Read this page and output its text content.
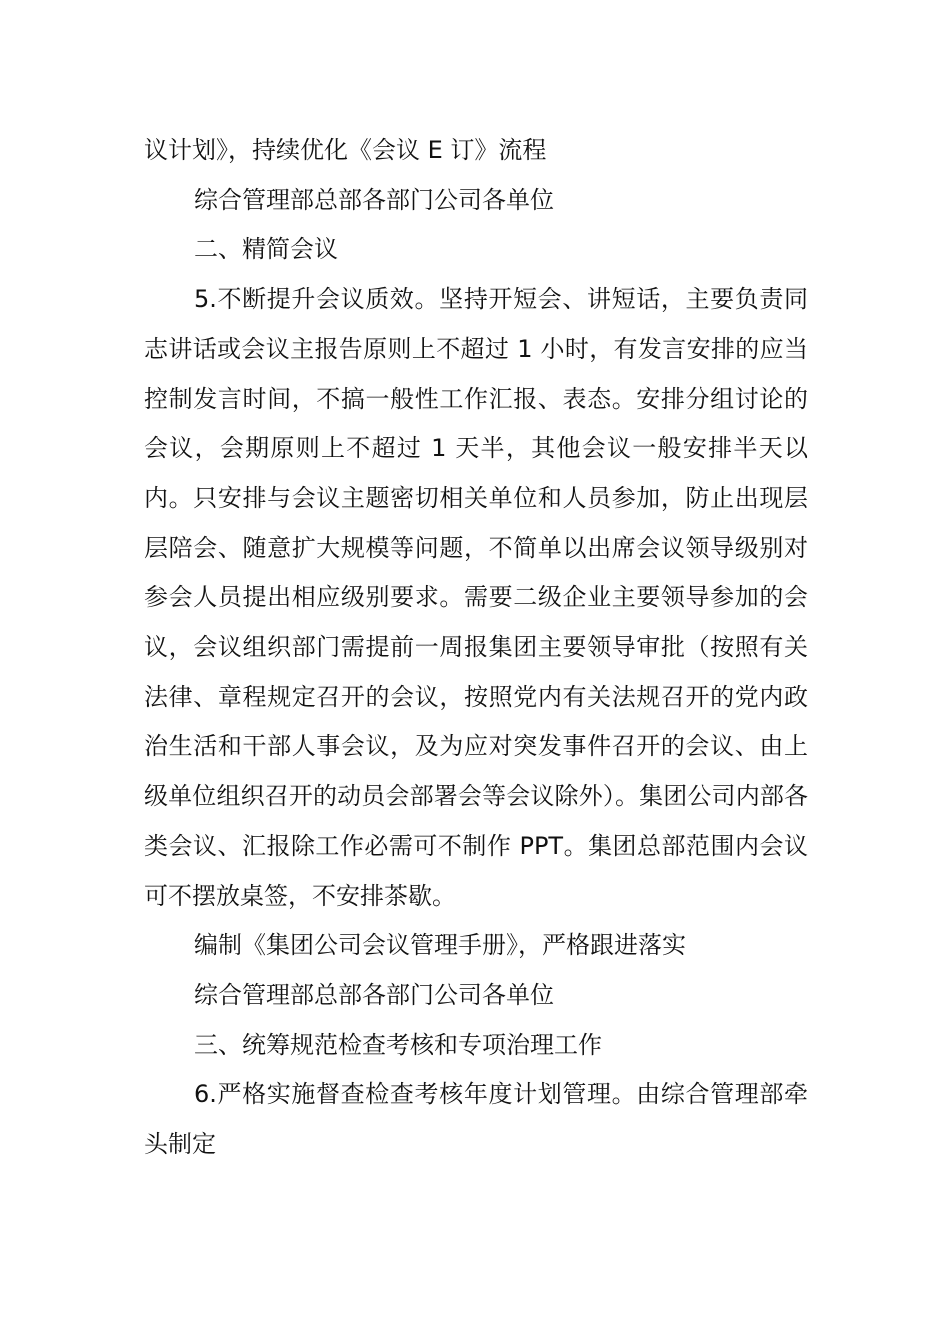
议计划》，持续优化《会议 E 订》流程

综合管理部总部各部门公司各单位

二、精简会议

5.不断提升会议质效。坚持开短会、讲短话，主要负责同志讲话或会议主报告原则上不超过 1 小时，有发言安排的应当控制发言时间，不搞一般性工作汇报、表态。安排分组讨论的会议，会期原则上不超过 1 天半，其他会议一般安排半天以内。只安排与会议主题密切相关单位和人员参加，防止出现层层陪会、随意扩大规模等问题，不简单以出席会议领导级别对参会人员提出相应级别要求。需要二级企业主要领导参加的会议，会议组织部门需提前一周报集团主要领导审批（按照有关法律、章程规定召开的会议，按照党内有关法规召开的党内政治生活和干部人事会议，及为应对突发事件召开的会议、由上级单位组织召开的动员会部署会等会议除外）。集团公司内部各类会议、汇报除工作必需可不制作 PPT。集团总部范围内会议可不摆放桌签，不安排茶歇。

编制《集团公司会议管理手册》，严格跟进落实

综合管理部总部各部门公司各单位

三、统筹规范检查考核和专项治理工作

6.严格实施督查检查考核年度计划管理。由综合管理部牵头制定
